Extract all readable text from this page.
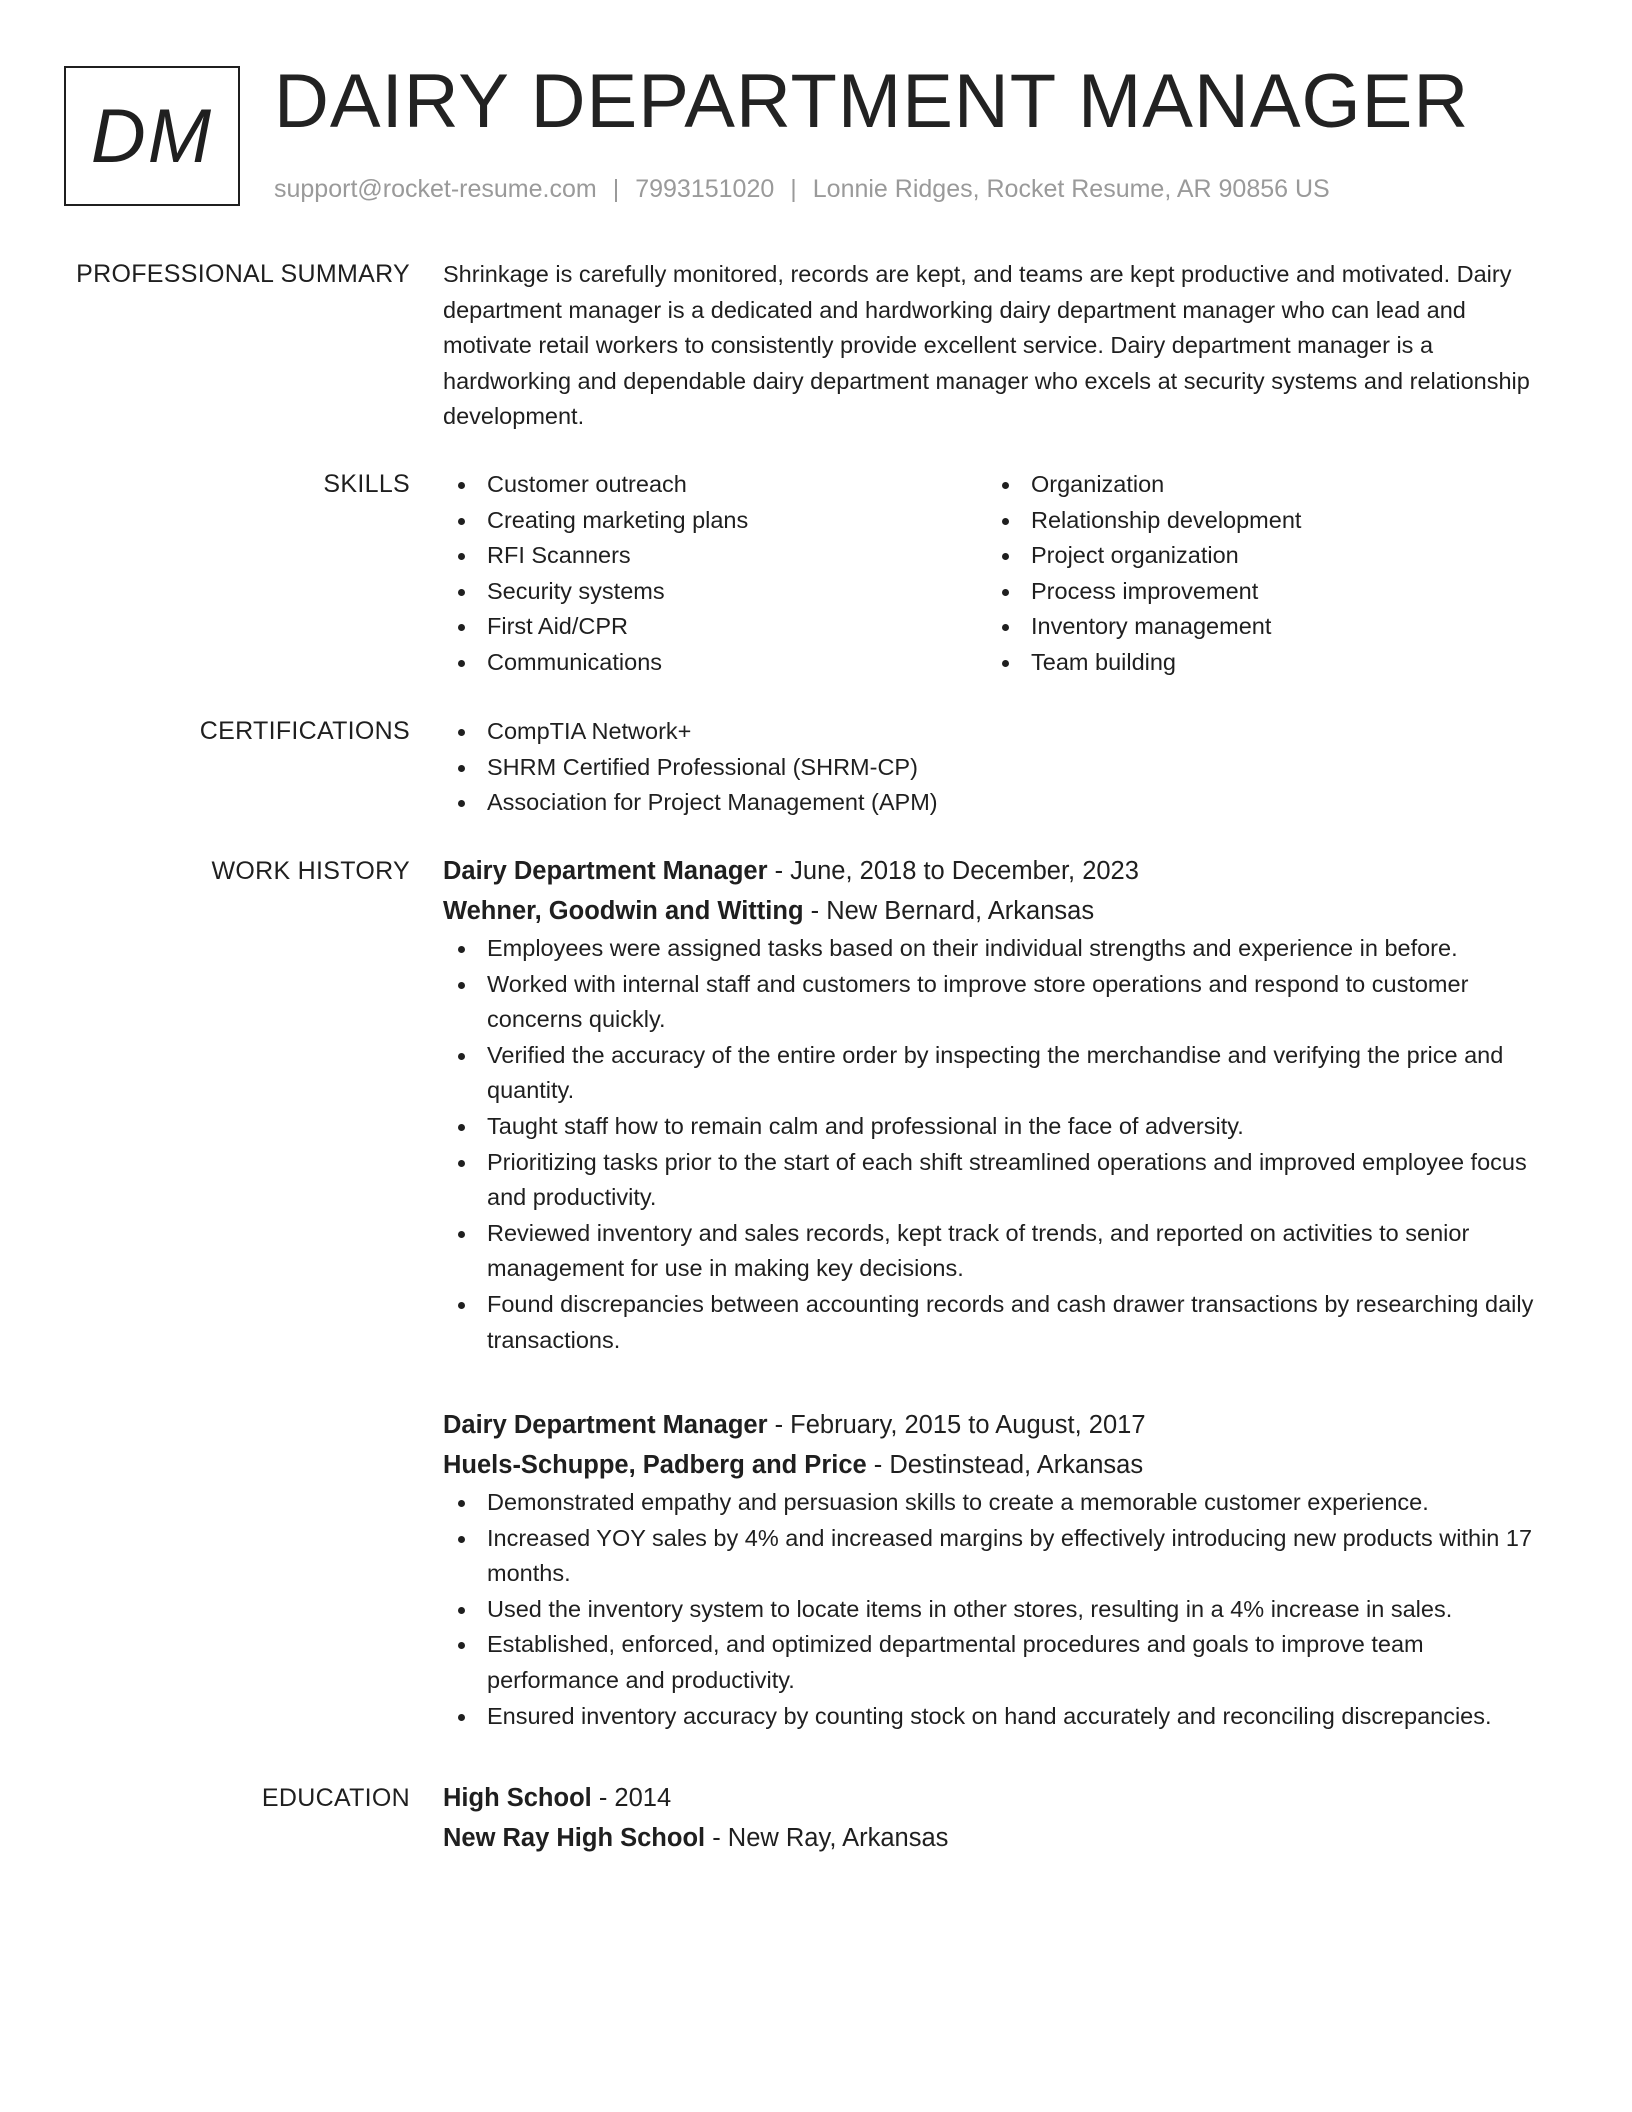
DM DAIRY DEPARTMENT MANAGER
support@rocket-resume.com | 7993151020 | Lonnie Ridges, Rocket Resume, AR 90856 US
PROFESSIONAL SUMMARY Shrinkage is carefully monitored, records are kept, and teams are kept productive and motivated. Dairy department manager is a dedicated and hardworking dairy department manager who can lead and motivate retail workers to consistently provide excellent service. Dairy department manager is a hardworking and dependable dairy department manager who excels at security systems and relationship development.

SKILLS	Customer outreach
Creating marketing plans
RFI Scanners
Security systems
First Aid/CPR
Communications
Organization
Relationship development
Project organization
Process improvement
Inventory management
Team building
CERTIFICATIONS	CompTIA Network+
SHRM Certified Professional (SHRM-CP)
Association for Project Management (APM)
WORK HISTORY Dairy Department Manager - June, 2018 to December, 2023
Wehner, Goodwin and Witting - New Bernard, Arkansas
Employees were assigned tasks based on their individual strengths and experience in before.
Worked with internal staff and customers to improve store operations and respond to customer concerns quickly.
Verified the accuracy of the entire order by inspecting the merchandise and verifying the price and quantity.
Taught staff how to remain calm and professional in the face of adversity.
Prioritizing tasks prior to the start of each shift streamlined operations and improved employee focus and productivity.
Reviewed inventory and sales records, kept track of trends, and reported on activities to senior management for use in making key decisions.
Found discrepancies between accounting records and cash drawer transactions by researching daily transactions.
Dairy Department Manager - February, 2015 to August, 2017
Huels-Schuppe, Padberg and Price - Destinstead, Arkansas
Demonstrated empathy and persuasion skills to create a memorable customer experience.
Increased YOY sales by 4% and increased margins by effectively introducing new products within 17 months.
Used the inventory system to locate items in other stores, resulting in a 4% increase in sales.
Established, enforced, and optimized departmental procedures and goals to improve team performance and productivity.
Ensured inventory accuracy by counting stock on hand accurately and reconciling discrepancies.
EDUCATION High School - 2014
New Ray High School - New Ray, Arkansas
